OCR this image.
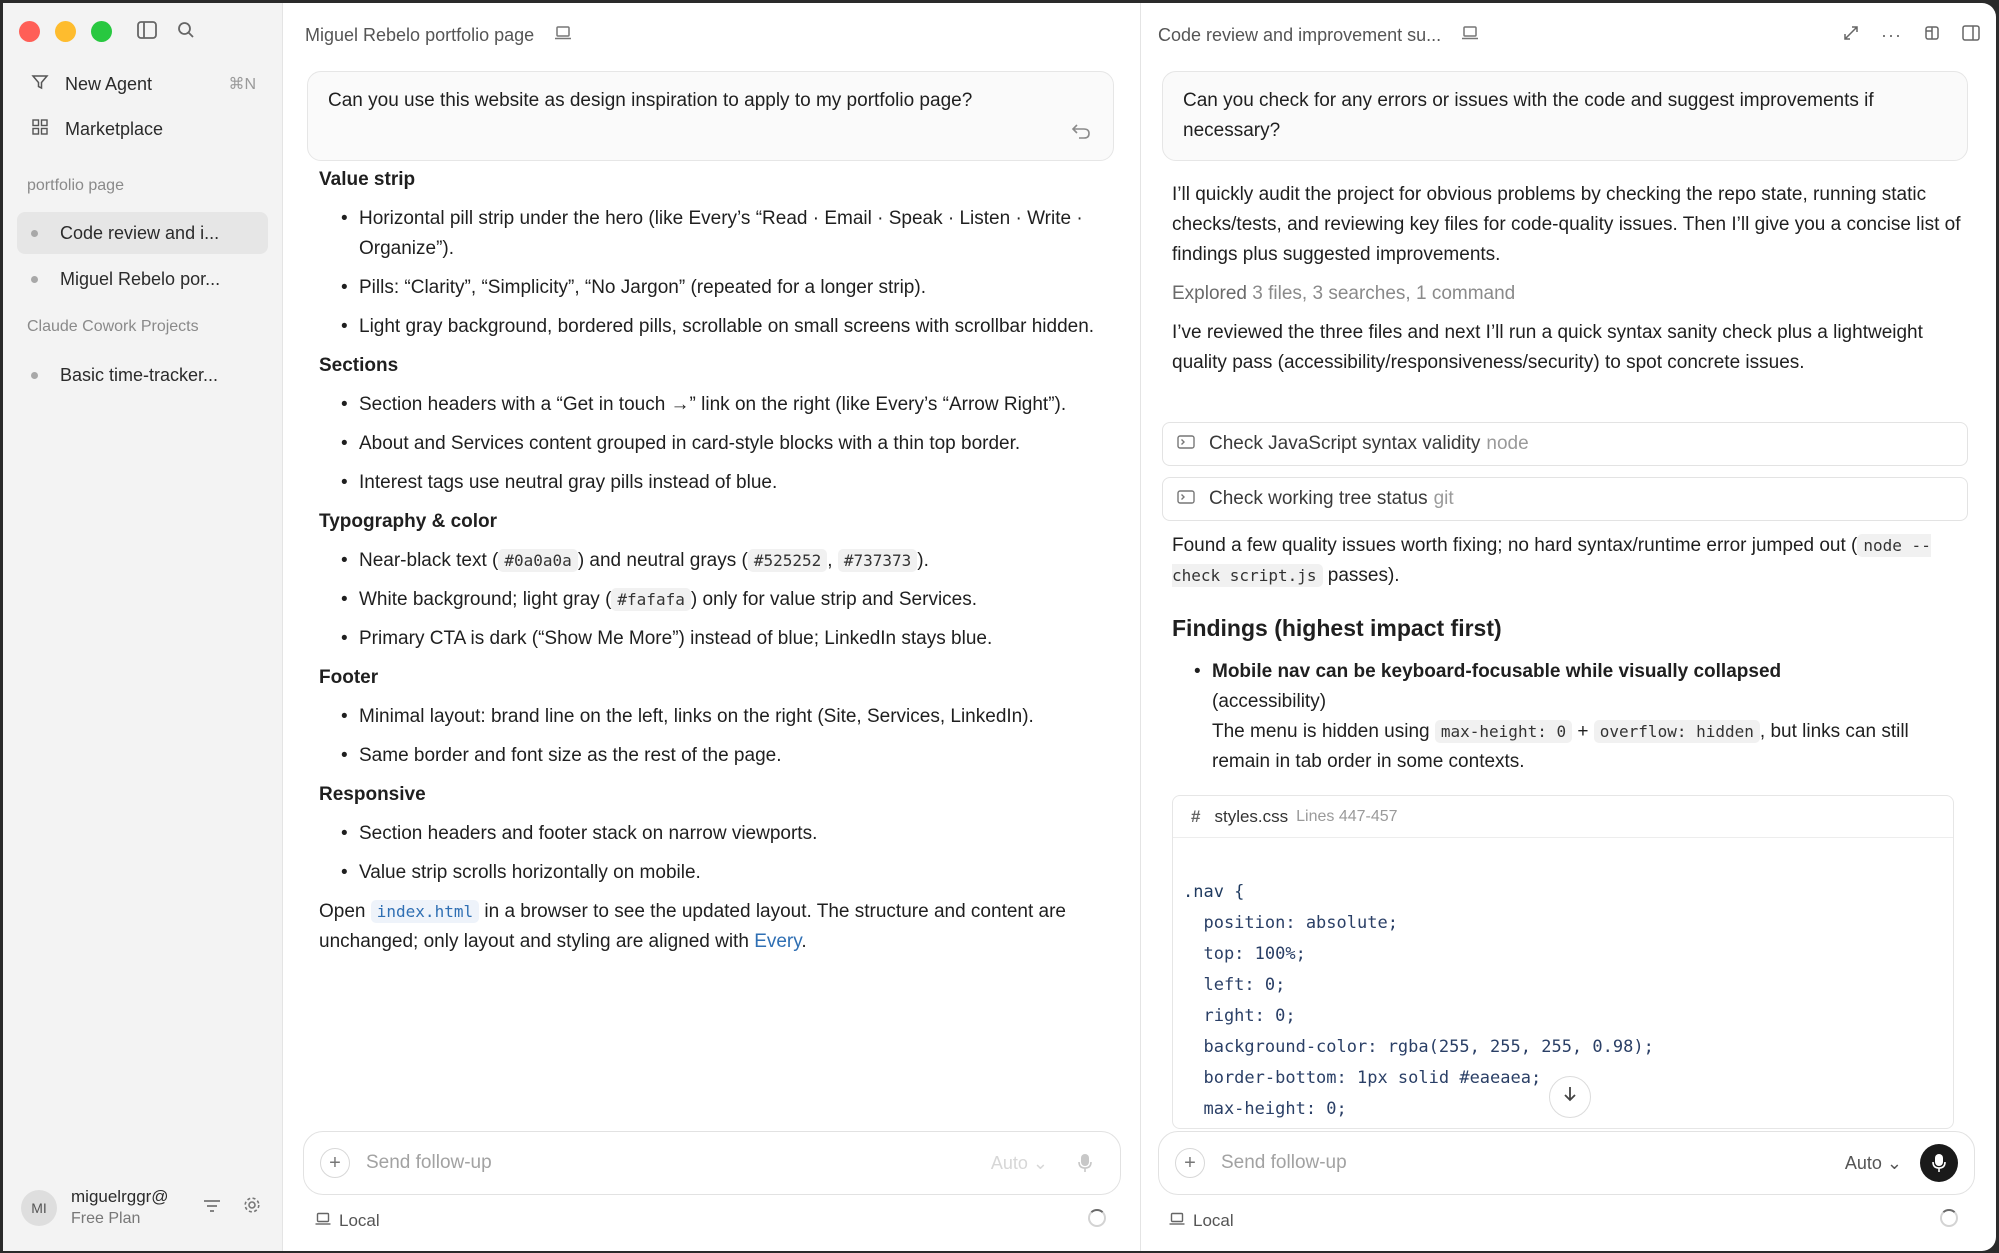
New Agent	⌘N
Marketplace
portfolio page
Code review and i...
Miguel Rebelo por...
Claude Cowork Projects
Basic time-tracker...
MI
miguelrggr@
Free Plan
Miguel Rebelo portfolio page
Can you use this website as design inspiration to apply to my portfolio page?
Value strip
• Horizontal pill strip under the hero (like Every’s “Read · Email · Speak · Listen · Write · Organize”).
• Pills: “Clarity”, “Simplicity”, “No Jargon” (repeated for a longer strip).
• Light gray background, bordered pills, scrollable on small screens with scrollbar hidden.
Sections
• Section headers with a “Get in touch →” link on the right (like Every’s “Arrow Right”).
• About and Services content grouped in card-style blocks with a thin top border.
• Interest tags use neutral gray pills instead of blue.
Typography & color
• Near-black text ( #0a0a0a ) and neutral grays ( #525252 , #737373 ).
• White background; light gray ( #fafafa ) only for value strip and Services.
• Primary CTA is dark (“Show Me More”) instead of blue; LinkedIn stays blue.
Footer
• Minimal layout: brand line on the left, links on the right (Site, Services, LinkedIn).
• Same border and font size as the rest of the page.
Responsive
• Section headers and footer stack on narrow viewports.
• Value strip scrolls horizontally on mobile.

Open index.html in a browser to see the updated layout. The structure and content are unchanged; only layout and styling are aligned with Every.

+	Send follow-up	Auto ⌄
Local
Code review and improvement su...	···
Can you check for any errors or issues with the code and suggest improvements if necessary?

I’ll quickly audit the project for obvious problems by checking the repo state, running static checks/tests, and reviewing key files for code-quality issues. Then I’ll give you a concise list of findings plus suggested improvements.

Explored 3 files, 3 searches, 1 command

I’ve reviewed the three files and next I’ll run a quick syntax sanity check plus a lightweight quality pass (accessibility/responsiveness/security) to spot concrete issues.

Check JavaScript syntax validity node
Check working tree status git

Found a few quality issues worth fixing; no hard syntax/runtime error jumped out ( node --check script.js passes).

Findings (highest impact first)
• Mobile nav can be keyboard-focusable while visually collapsed
(accessibility)
The menu is hidden using max-height: 0 + overflow: hidden , but links can still remain in tab order in some contexts.
# styles.css Lines 447-457

.nav {
position: absolute;
top: 100%;
left: 0;
right: 0;
background-color: rgba(255, 255, 255, 0.98);
border-bottom: 1px solid #eaeaea;
max-height: 0;

+	Send follow-up	Auto ⌄
Local
